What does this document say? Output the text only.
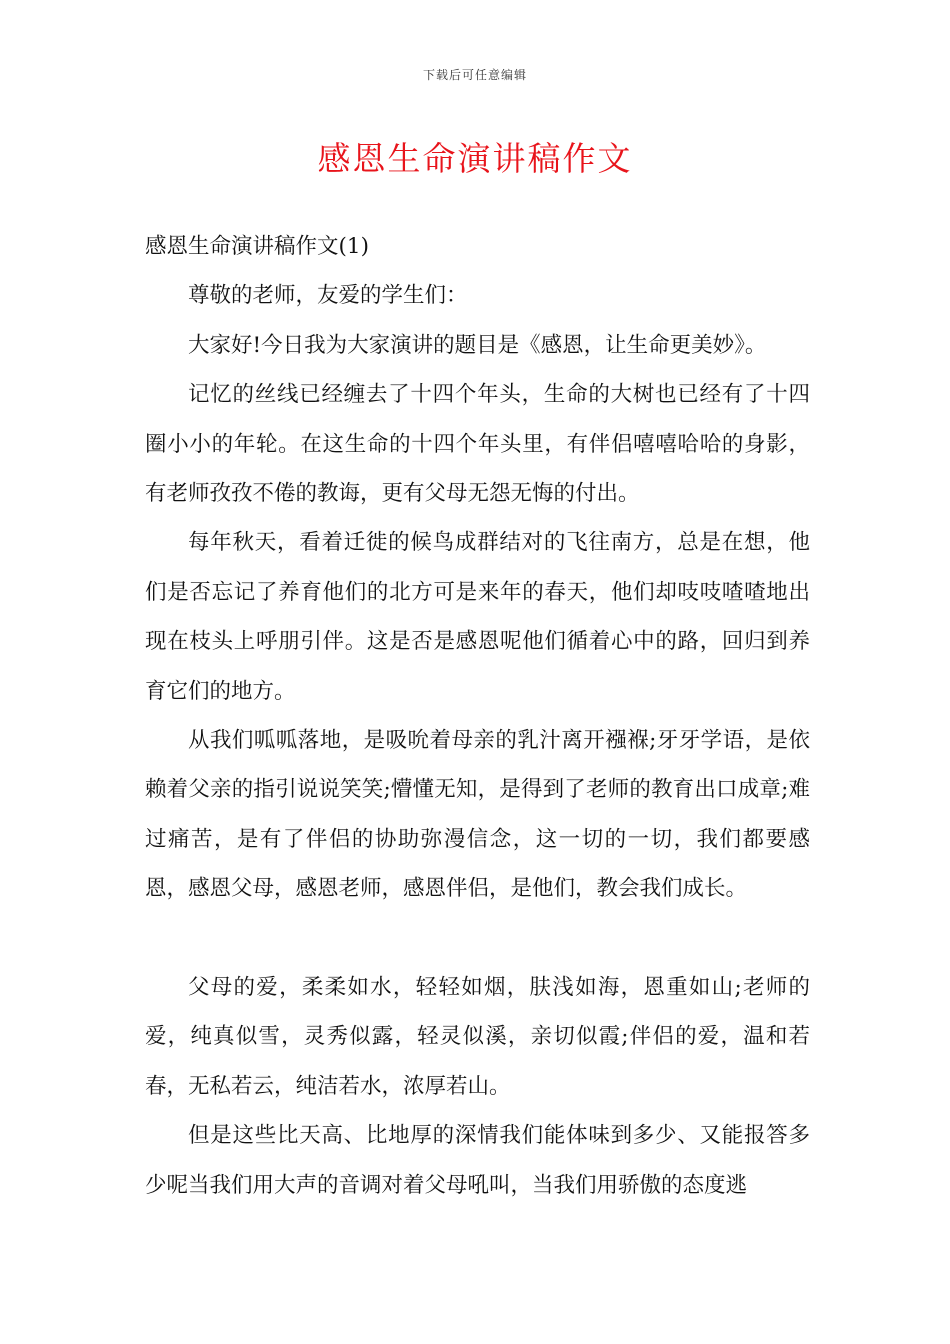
下载后可任意编辑
感恩生命演讲稿作文

感恩生命演讲稿作文(1)

尊敬的老师，友爱的学生们：

大家好!今日我为大家演讲的题目是《感恩，让生命更美妙》。

记忆的丝线已经缠去了十四个年头，生命的大树也已经有了十四圈小小的年轮。在这生命的十四个年头里，有伴侣嘻嘻哈哈的身影，有老师孜孜不倦的教诲，更有父母无怨无悔的付出。

每年秋天，看着迁徙的候鸟成群结对的飞往南方，总是在想，他们是否忘记了养育他们的北方可是来年的春天，他们却吱吱喳喳地出现在枝头上呼朋引伴。这是否是感恩呢他们循着心中的路，回归到养育它们的地方。

从我们呱呱落地，是吸吮着母亲的乳汁离开襁褓;牙牙学语，是依赖着父亲的指引说说笑笑;懵懂无知，是得到了老师的教育出口成章;难过痛苦，是有了伴侣的协助弥漫信念，这一切的一切，我们都要感恩，感恩父母，感恩老师，感恩伴侣，是他们，教会我们成长。

父母的爱，柔柔如水，轻轻如烟，肤浅如海，恩重如山;老师的爱，纯真似雪，灵秀似露，轻灵似溪，亲切似霞;伴侣的爱，温和若春，无私若云，纯洁若水，浓厚若山。

但是这些比天高、比地厚的深情我们能体味到多少、又能报答多少呢当我们用大声的音调对着父母吼叫，当我们用骄傲的态度逃
